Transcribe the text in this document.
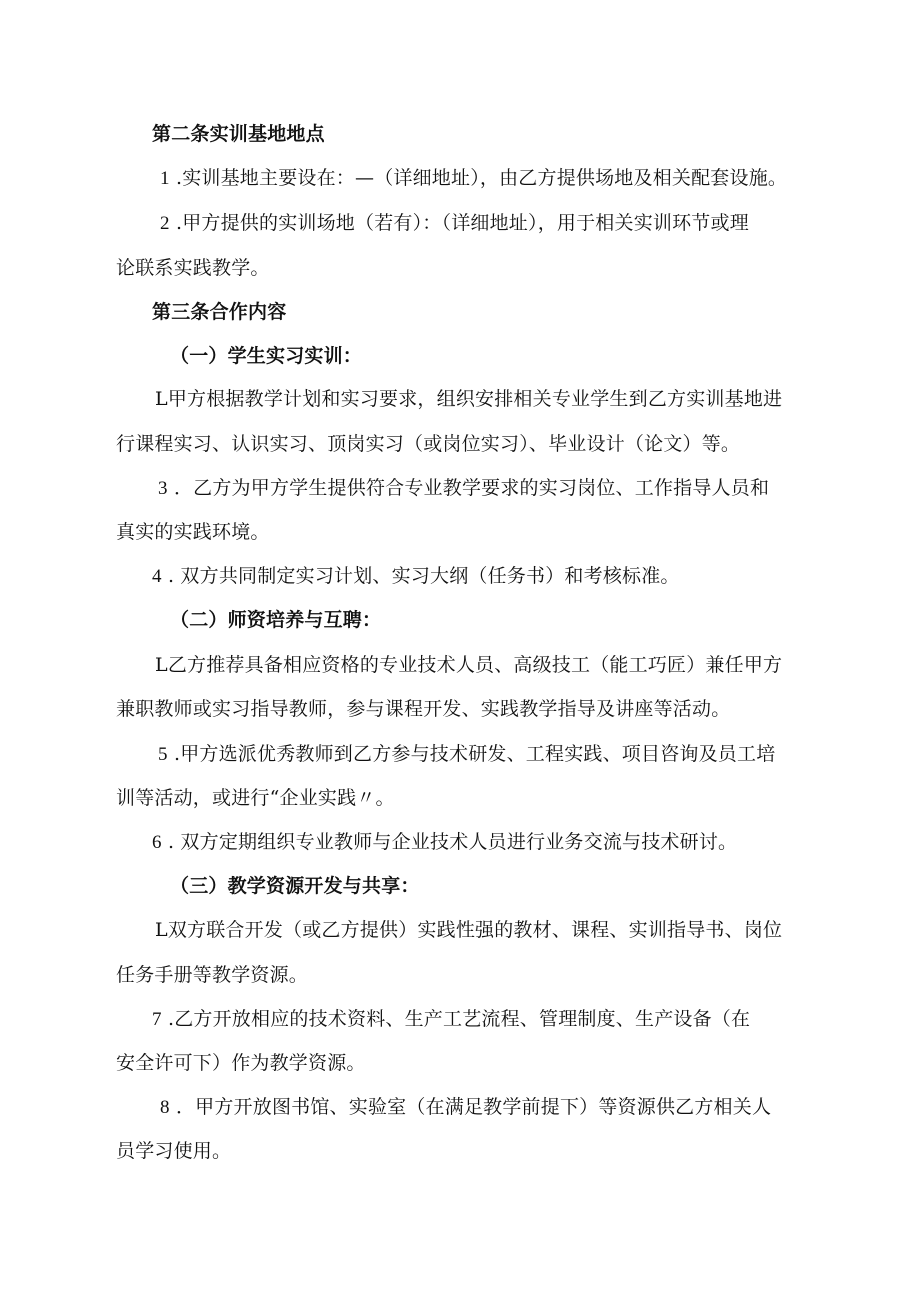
第二条实训基地地点
1 .实训基地主要设在：—（详细地址），由乙方提供场地及相关配套设施。
2 .甲方提供的实训场地（若有）：（详细地址），用于相关实训环节或理
论联系实践教学。
第三条合作内容
（一）学生实习实训：
L甲方根据教学计划和实习要求，组织安排相关专业学生到乙方实训基地进
行课程实习、认识实习、顶岗实习（或岗位实习）、毕业设计（论文）等。
3 ．乙方为甲方学生提供符合专业教学要求的实习岗位、工作指导人员和
真实的实践环境。
4 . 双方共同制定实习计划、实习大纲（任务书）和考核标准。
（二）师资培养与互聘：
L乙方推荐具备相应资格的专业技术人员、高级技工（能工巧匠）兼任甲方
兼职教师或实习指导教师，参与课程开发、实践教学指导及讲座等活动。
5 .甲方选派优秀教师到乙方参与技术研发、工程实践、项目咨询及员工培
训等活动，或进行“企业实践〃。
6 . 双方定期组织专业教师与企业技术人员进行业务交流与技术研讨。
（三）教学资源开发与共享：
L双方联合开发（或乙方提供）实践性强的教材、课程、实训指导书、岗位
任务手册等教学资源。
7 .乙方开放相应的技术资料、生产工艺流程、管理制度、生产设备（在
安全许可下）作为教学资源。
8 ．甲方开放图书馆、实验室（在满足教学前提下）等资源供乙方相关人
员学习使用。
